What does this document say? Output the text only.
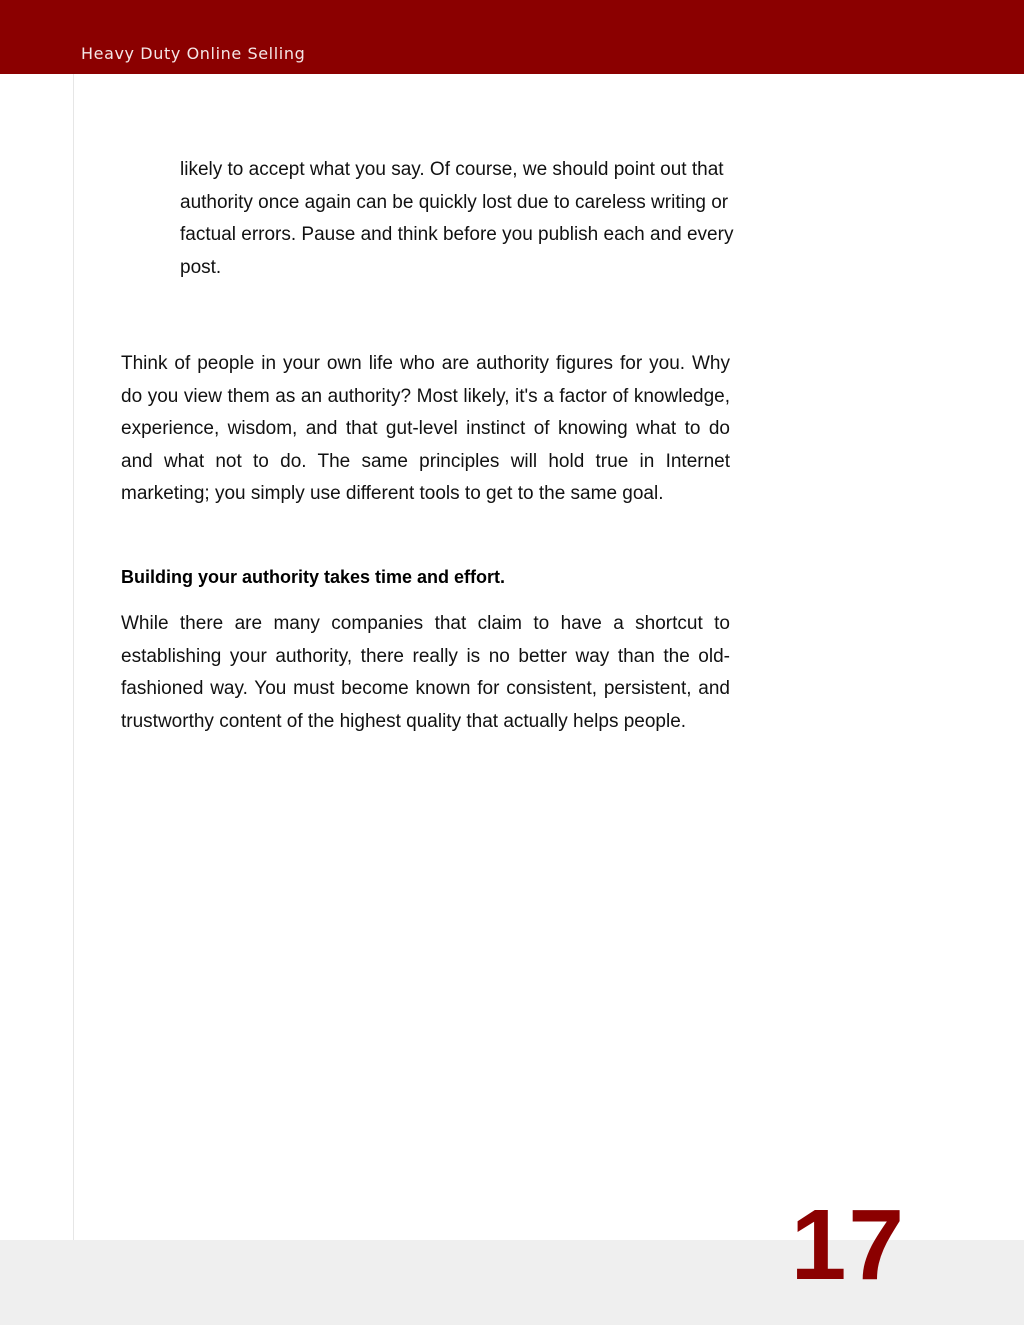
Heavy Duty Online Selling

likely to accept what you say. Of course, we should point out that authority once again can be quickly lost due to careless writing or factual errors. Pause and think before you publish each and every post.

Think of people in your own life who are authority figures for you. Why do you view them as an authority? Most likely, it's a factor of knowledge, experience, wisdom, and that gut-level instinct of knowing what to do and what not to do. The same principles will hold true in Internet marketing; you simply use different tools to get to the same goal.

Building your authority takes time and effort.

While there are many companies that claim to have a shortcut to establishing your authority, there really is no better way than the old-fashioned way. You must become known for consistent, persistent, and trustworthy content of the highest quality that actually helps people.

17
